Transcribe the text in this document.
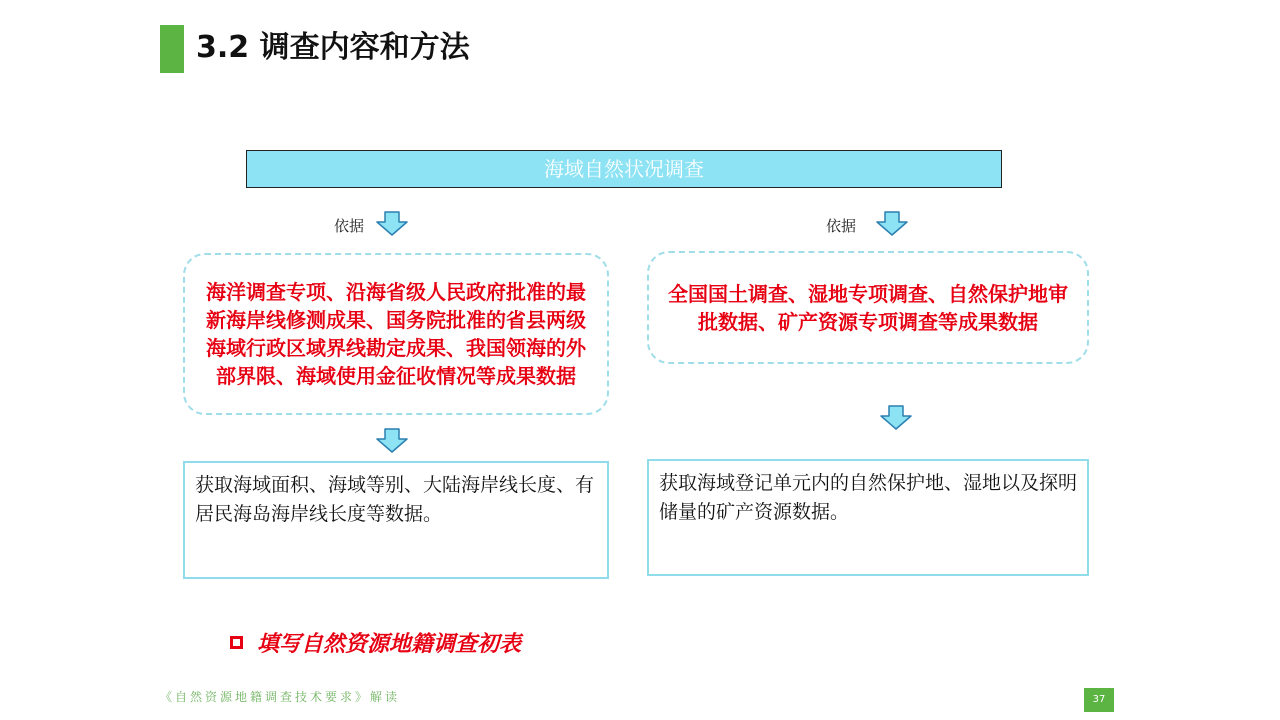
3.2 调查内容和方法
海域自然状况调查
依据
海洋调查专项、沿海省级人民政府批准的最新海岸线修测成果、国务院批准的省县两级海域行政区域界线勘定成果、我国领海的外部界限、海域使用金征收情况等成果数据
获取海域面积、海域等别、大陆海岸线长度、有居民海岛海岸线长度等数据。
依据
全国国土调查、湿地专项调查、自然保护地审批数据、矿产资源专项调查等成果数据
获取海域登记单元内的自然保护地、湿地以及探明储量的矿产资源数据。
填写自然资源地籍调查初表
《自然资源地籍调查技术要求》解读	37
